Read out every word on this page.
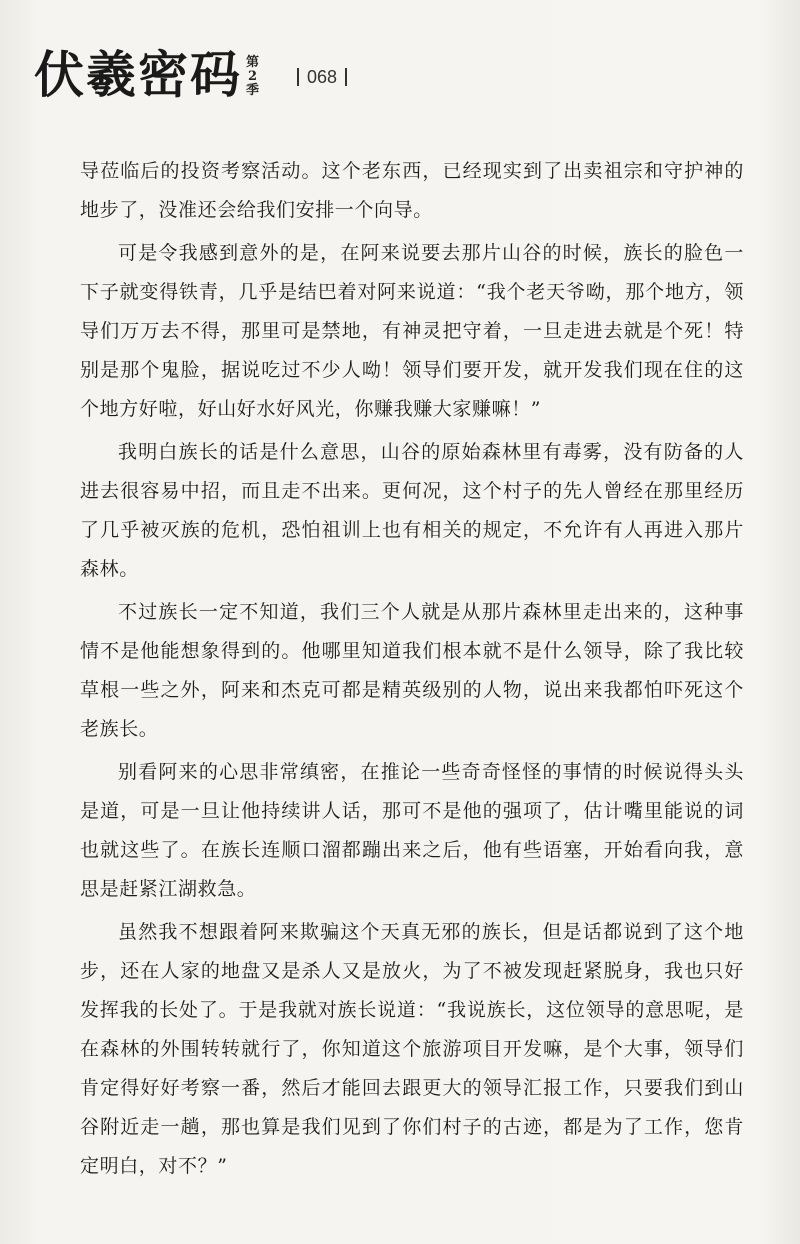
伏羲密码 第
2
季
068

导莅临后的投资考察活动。这个老东西，已经现实到了出卖祖宗和守护神的地步了，没准还会给我们安排一个向导。

可是令我感到意外的是，在阿来说要去那片山谷的时候，族长的脸色一下子就变得铁青，几乎是结巴着对阿来说道：“我个老天爷呦，那个地方，领导们万万去不得，那里可是禁地，有神灵把守着，一旦走进去就是个死！特别是那个鬼脸，据说吃过不少人呦！领导们要开发，就开发我们现在住的这个地方好啦，好山好水好风光，你赚我赚大家赚嘛！”

我明白族长的话是什么意思，山谷的原始森林里有毒雾，没有防备的人进去很容易中招，而且走不出来。更何况，这个村子的先人曾经在那里经历了几乎被灭族的危机，恐怕祖训上也有相关的规定，不允许有人再进入那片森林。

不过族长一定不知道，我们三个人就是从那片森林里走出来的，这种事情不是他能想象得到的。他哪里知道我们根本就不是什么领导，除了我比较草根一些之外，阿来和杰克可都是精英级别的人物，说出来我都怕吓死这个老族长。

别看阿来的心思非常缜密，在推论一些奇奇怪怪的事情的时候说得头头是道，可是一旦让他持续讲人话，那可不是他的强项了，估计嘴里能说的词也就这些了。在族长连顺口溜都蹦出来之后，他有些语塞，开始看向我，意思是赶紧江湖救急。

虽然我不想跟着阿来欺骗这个天真无邪的族长，但是话都说到了这个地步，还在人家的地盘又是杀人又是放火，为了不被发现赶紧脱身，我也只好发挥我的长处了。于是我就对族长说道：“我说族长，这位领导的意思呢，是在森林的外围转转就行了，你知道这个旅游项目开发嘛，是个大事，领导们肯定得好好考察一番，然后才能回去跟更大的领导汇报工作，只要我们到山谷附近走一趟，那也算是我们见到了你们村子的古迹，都是为了工作，您肯定明白，对不？”
